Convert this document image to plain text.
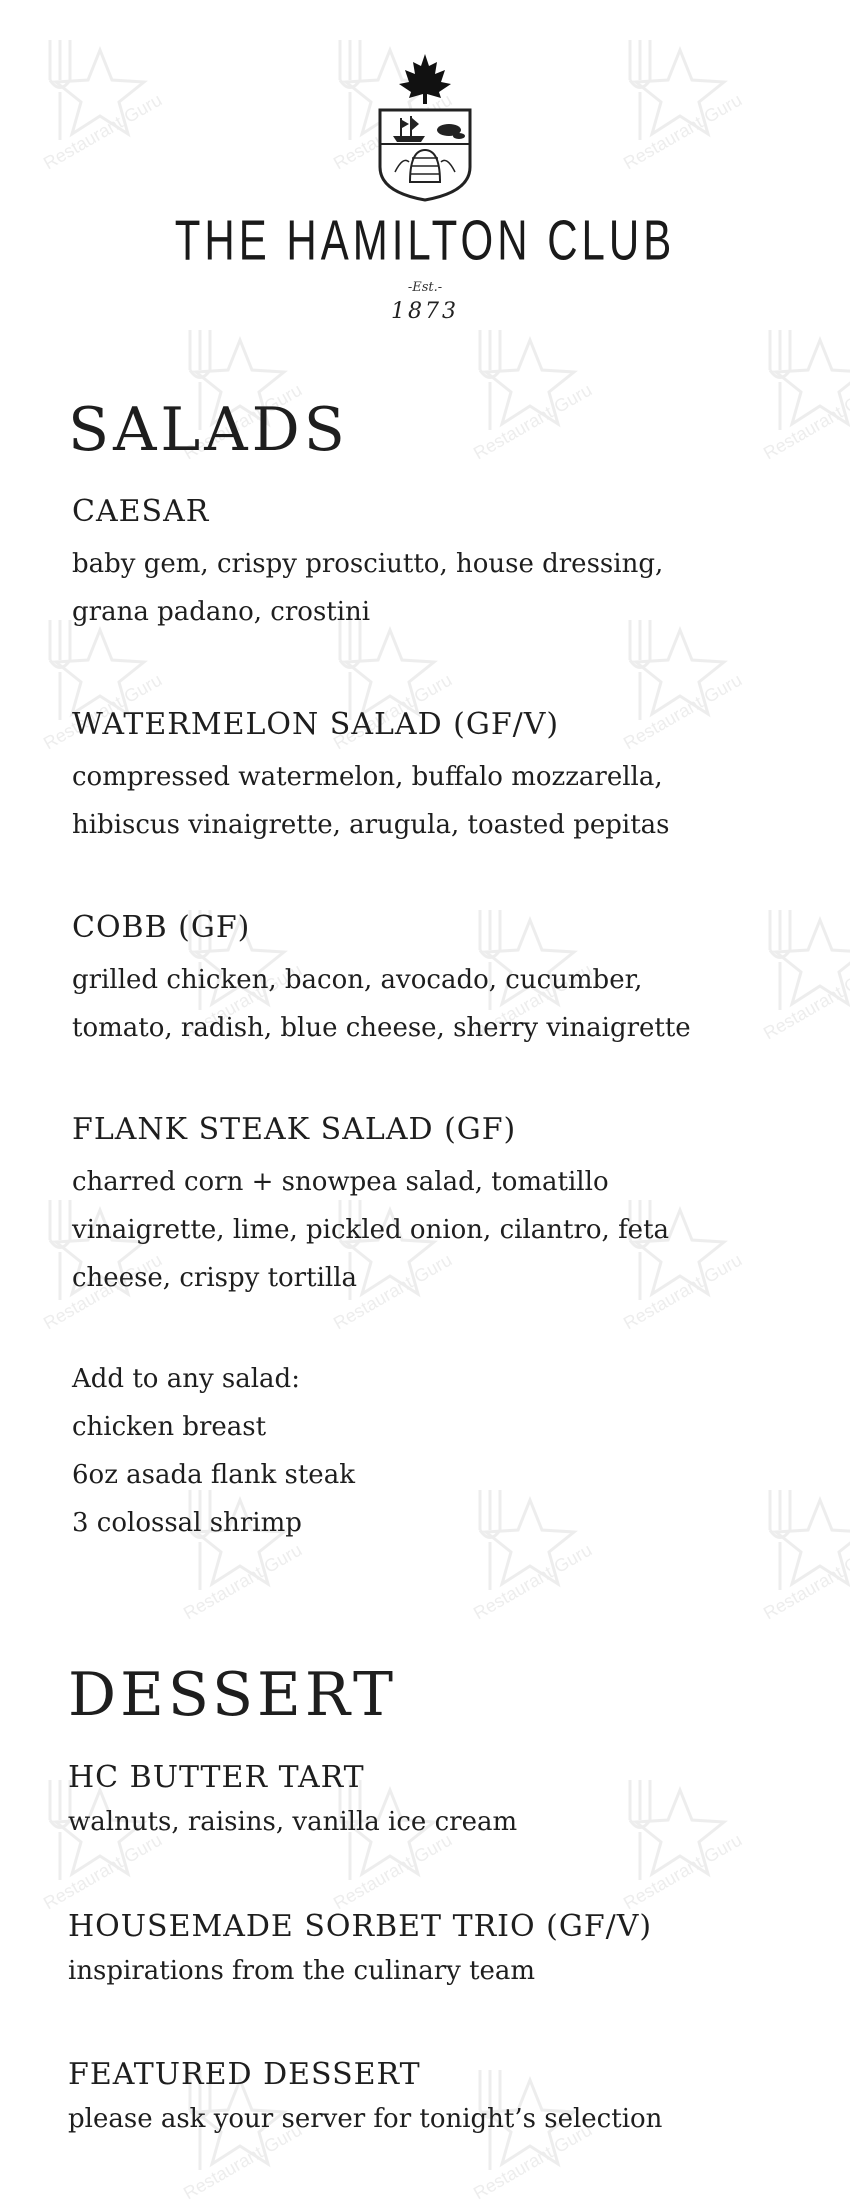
Restaurant Guru
THE HAMILTON CLUB
-Est.-
1873
SALADS
CAESAR
baby gem, crispy prosciutto, house dressing,
grana padano, crostini
WATERMELON SALAD (GF/V)
compressed watermelon, buffalo mozzarella,
hibiscus vinaigrette, arugula, toasted pepitas
COBB (GF)
grilled chicken, bacon, avocado, cucumber,
tomato, radish, blue cheese, sherry vinaigrette
FLANK STEAK SALAD (GF)
charred corn + snowpea salad, tomatillo
vinaigrette, lime, pickled onion, cilantro, feta
cheese, crispy tortilla
Add to any salad:
chicken breast
6oz asada flank steak
3 colossal shrimp
DESSERT
HC BUTTER TART
walnuts, raisins, vanilla ice cream
HOUSEMADE SORBET TRIO (GF/V)
inspirations from the culinary team
FEATURED DESSERT
please ask your server for tonight’s selection
